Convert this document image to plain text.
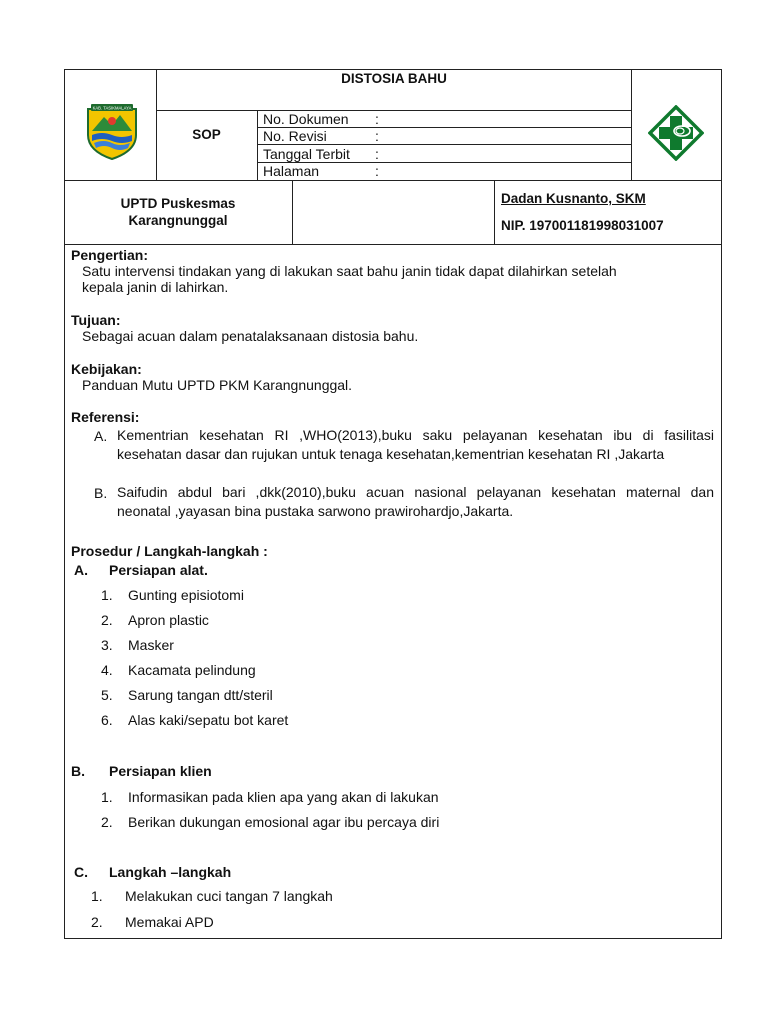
KAB. TASIKMALAYA
DISTOSIA BAHU
SOP
No. Dokumen :
No. Revisi	:
Tanggal Terbit :
Halaman	:
UPTD Puskesmas
Karangnunggal
Dadan Kusnanto, SKM
NIP. 197001181998031007
Pengertian:
Satu intervensi tindakan yang di lakukan saat bahu janin tidak dapat dilahirkan setelah
kepala janin di lahirkan.
Tujuan:
Sebagai acuan dalam penatalaksanaan distosia bahu.
Kebijakan:
Panduan Mutu UPTD PKM Karangnunggal.
Referensi:
A. Kementrian kesehatan RI ,WHO(2013),buku saku pelayanan kesehatan ibu di fasilitasi kesehatan dasar dan rujukan untuk tenaga kesehatan,kementrian kesehatan RI ,Jakarta
B. Saifudin abdul bari ,dkk(2010),buku acuan nasional pelayanan kesehatan maternal dan neonatal ,yayasan bina pustaka sarwono prawirohardjo,Jakarta.
Prosedur / Langkah-langkah :
A. Persiapan alat.
1. Gunting episiotomi
2. Apron plastic
3. Masker
4. Kacamata pelindung
5. Sarung tangan dtt/steril
6. Alas kaki/sepatu bot karet
B. Persiapan klien
1. Informasikan pada klien apa yang akan di lakukan
2. Berikan dukungan emosional agar ibu percaya diri
C. Langkah –langkah
1. Melakukan cuci tangan 7 langkah
2. Memakai APD
